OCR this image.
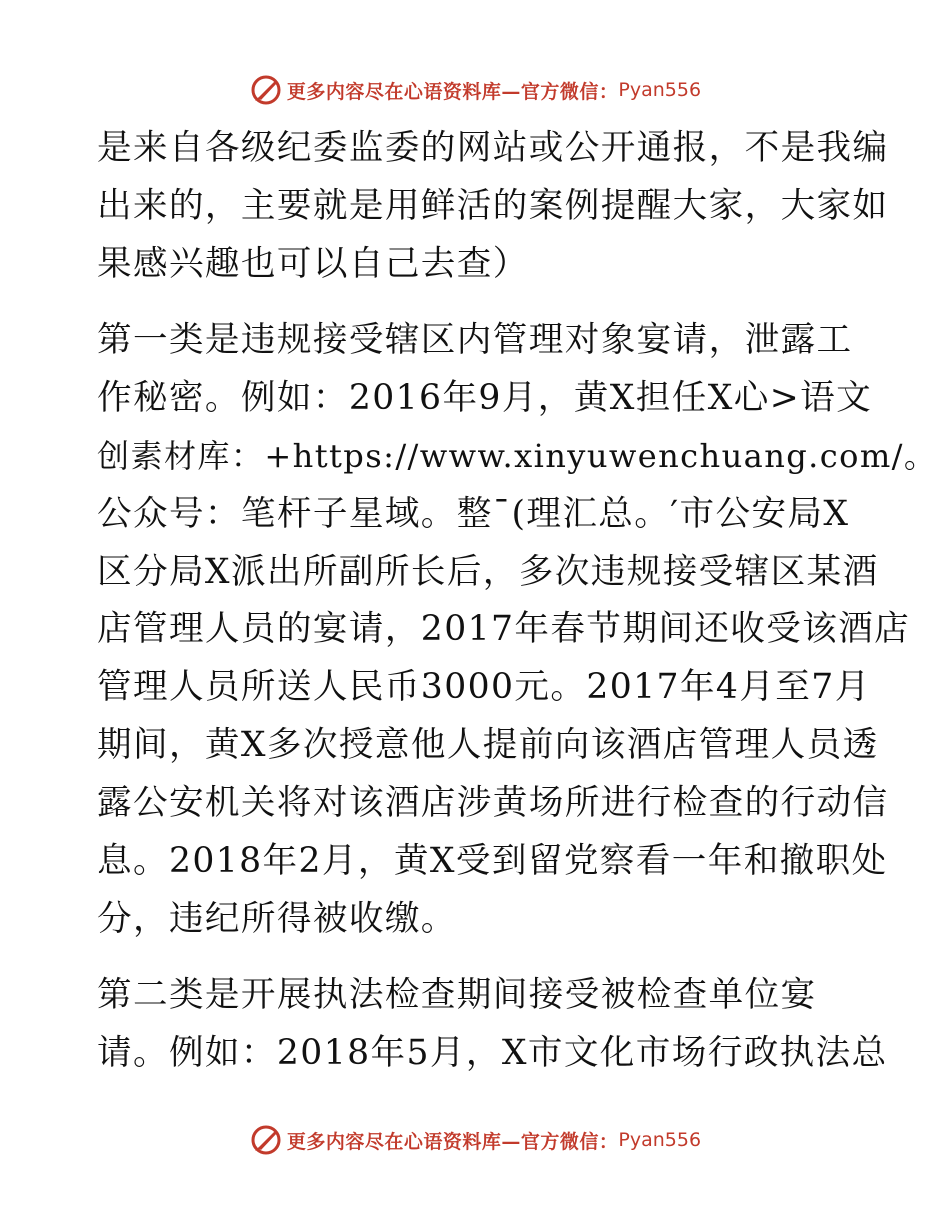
更多内容尽在心语资料库—官方微信： Pyan556

是来自各级纪委监委的网站或公开通报，不是我编

出来的，主要就是用鲜活的案例提醒大家，大家如

果感兴趣也可以自己去查）

第一类是违规接受辖区内管理对象宴请，泄露工

作秘密。例如：2016年9月，黄X担任X心>语文

创素材库：+https://www.xinyuwenchuang.com/。

公众号：笔杆子星域。整¯(理汇总。′市公安局X

区分局X派出所副所长后，多次违规接受辖区某酒

店管理人员的宴请，2017年春节期间还收受该酒店

管理人员所送人民币3000元。2017年4月至7月

期间，黄X多次授意他人提前向该酒店管理人员透

露公安机关将对该酒店涉黄场所进行检查的行动信

息。2018年2月，黄X受到留党察看一年和撤职处

分，违纪所得被收缴。

第二类是开展执法检查期间接受被检查单位宴

请。例如：2018年5月，X市文化市场行政执法总

更多内容尽在心语资料库—官方微信： Pyan556
